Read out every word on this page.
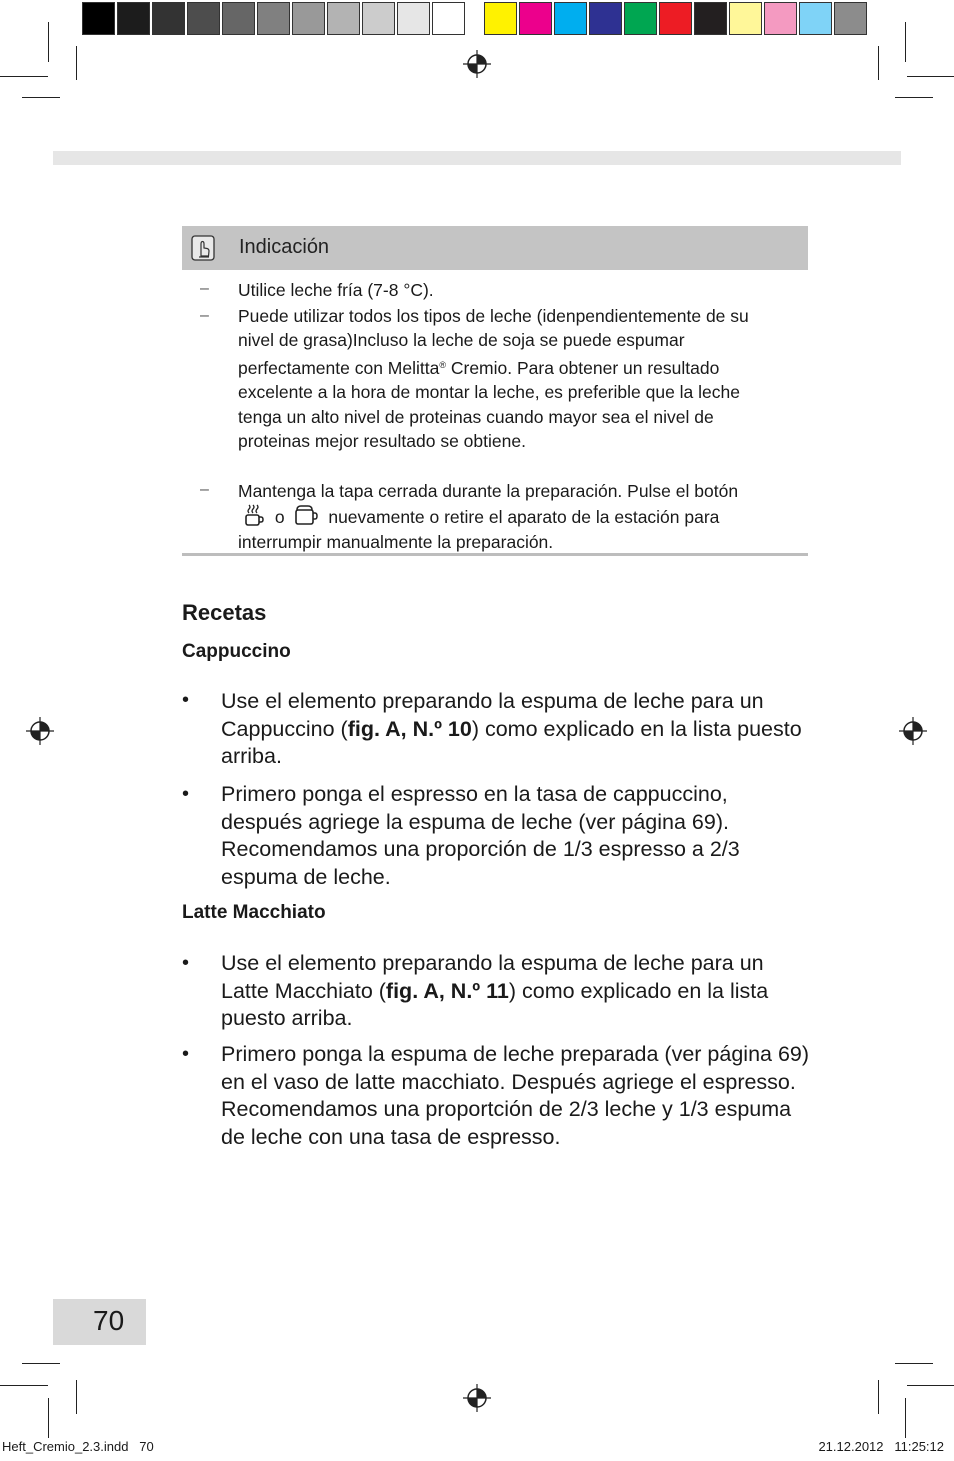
Indicación
– Utilice leche fría (7-8 °C).
– Puede utilizar todos los tipos de leche (idenpendientemente de su nivel de grasa)Incluso la leche de soja se puede espumar perfectamente con Melitta® Cremio. Para obtener un resultado excelente a la hora de montar la leche, es preferible que la leche tenga un alto nivel de proteinas cuando mayor sea el nivel de proteinas mejor resultado se obtiene.
– Mantenga la tapa cerrada durante la preparación. Pulse el botón  o  nuevamente o retire el aparato de la estación para interrumpir manualmente la preparación.
Recetas
Cappuccino
• Use el elemento preparando la espuma de leche para un Cappuccino (fig. A, N.º 10) como explicado en la lista puesto arriba.
• Primero ponga el espresso en la tasa de cappuccino, después agriege la espuma de leche (ver página 69). Recomendamos una proporción de 1/3 espresso a 2/3 espuma de leche.
Latte Macchiato
• Use el elemento preparando la espuma de leche para un Latte Macchiato (fig. A, N.º 11) como explicado en la lista puesto arriba.
• Primero ponga la espuma de leche preparada (ver página 69) en el vaso de latte macchiato. Después agriege el espresso. Recomendamos una proportción de 2/3 leche y 1/3 espuma de leche con una tasa de espresso.
70
Heft_Cremio_2.3.indd   70	21.12.2012   11:25:12
